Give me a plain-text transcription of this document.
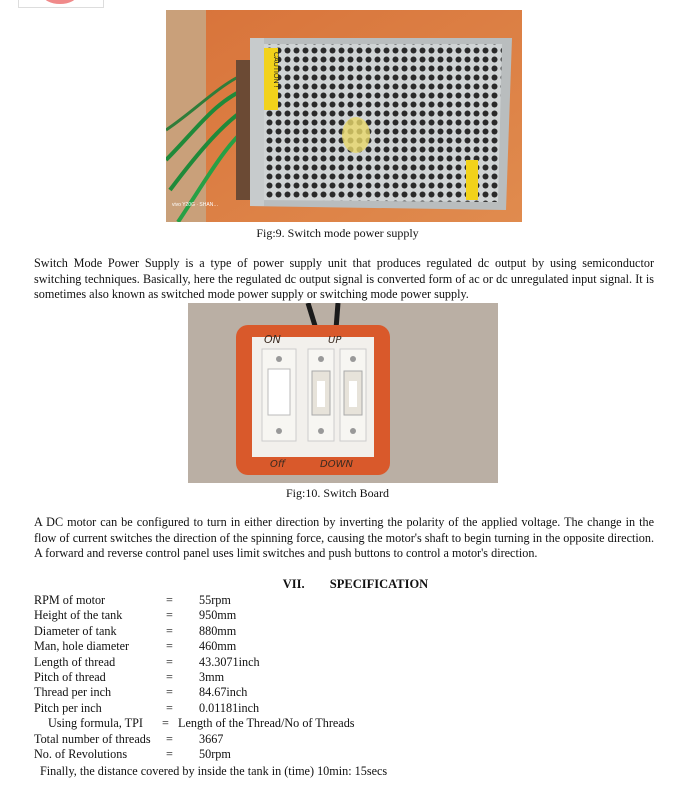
CAUTION !
vivo Y20G · SHAN…
Fig:9. Switch mode power supply

Switch Mode Power Supply is a type of power supply unit that produces regulated dc output by using semiconductor switching techniques. Basically, here the regulated dc output signal is converted form of ac or dc unregulated input signal. It is sometimes also known as switched mode power supply or switching mode power supply.

ON	UP
Off	DOWN
Fig:10. Switch Board

A DC motor can be configured to turn in either direction by inverting the polarity of the applied voltage. The change in the flow of current switches the direction of the spinning force, causing the motor's shaft to begin turning in the opposite direction. A forward and reverse control panel uses limit switches and push buttons to control a motor's direction.

VII. SPECIFICATION
RPM of motor	= 55rpm
Height of the tank	= 950mm
Diameter of tank	= 880mm
Man, hole diameter	= 460mm
Length of thread	= 43.3071inch
Pitch of thread	= 3mm
Thread per inch	= 84.67inch
Pitch per inch	= 0.01181inch
Using formula, TPI = Length of the Thread/No of Threads
Total number of threads = 3667
No. of Revolutions	= 50rpm
Finally, the distance covered by inside the tank in (time) 10min: 15secs
